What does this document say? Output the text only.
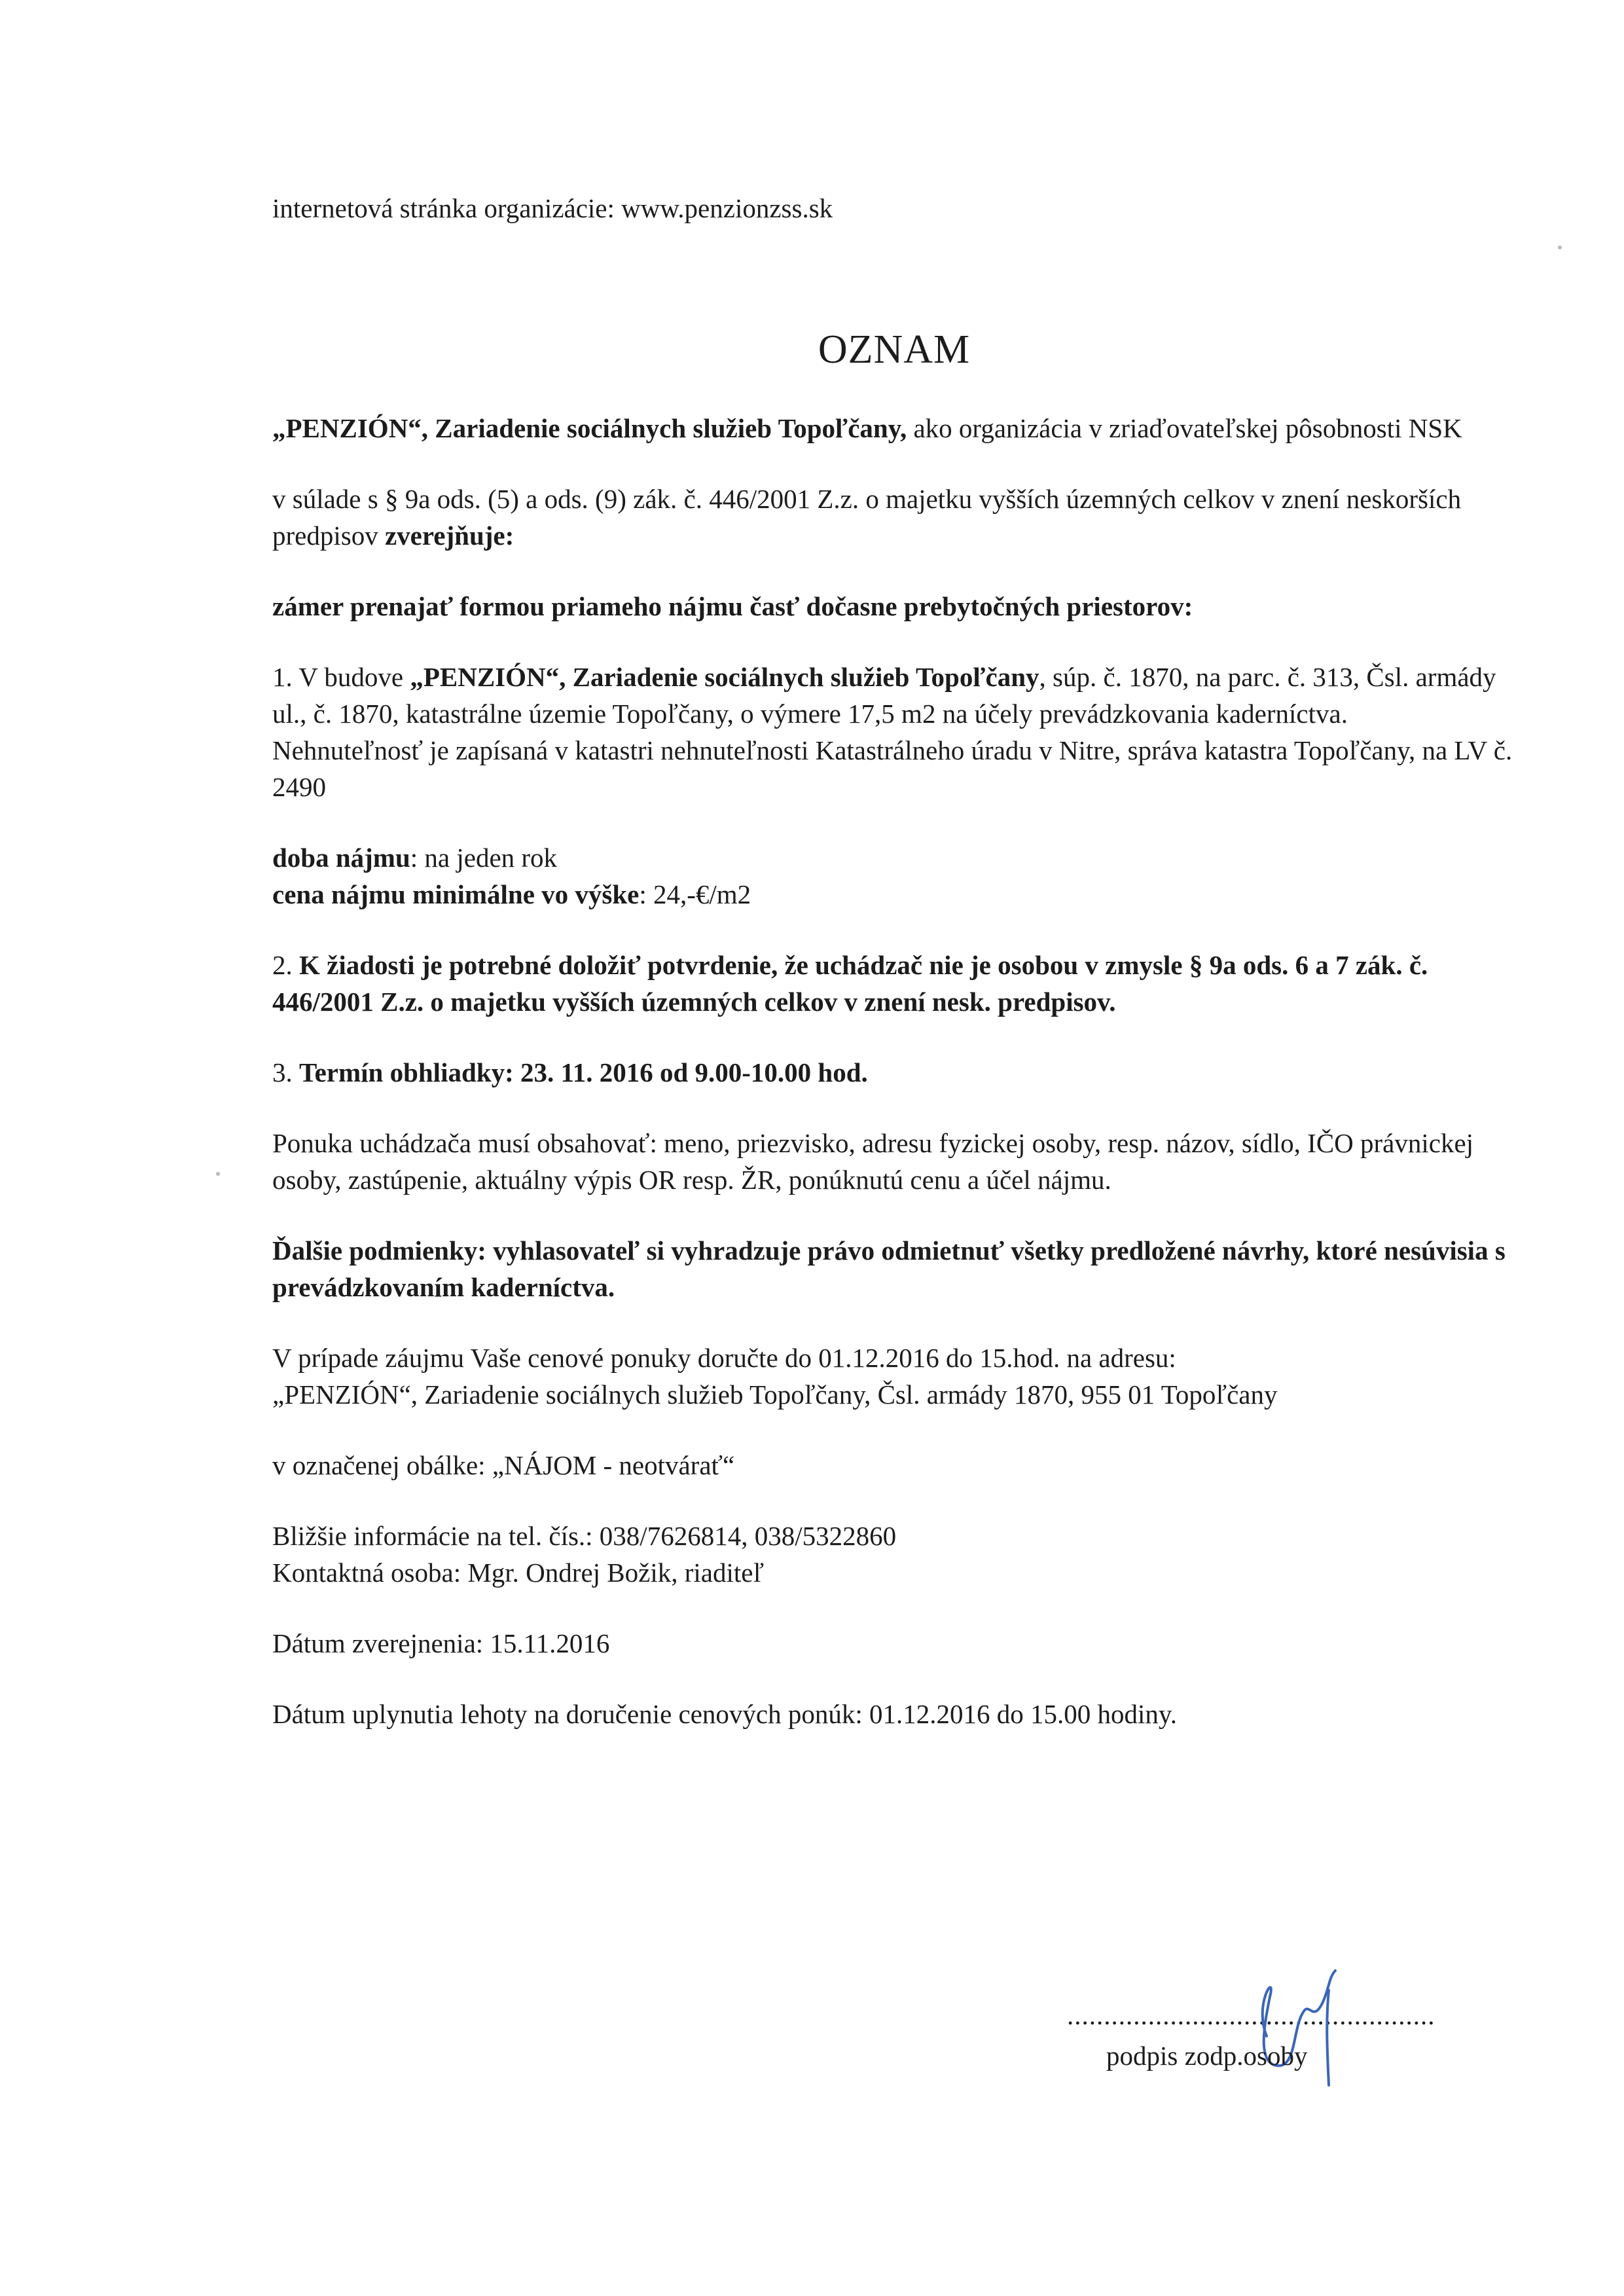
internetová stránka organizácie: www.penzionzss.sk

OZNAM

„PENZIÓN“, Zariadenie sociálnych služieb Topoľčany, ako organizácia v zriaďovateľskej pôsobnosti NSK

v súlade s § 9a ods. (5) a ods. (9) zák. č. 446/2001 Z.z. o majetku vyšších územných celkov v znení neskorších predpisov zverejňuje:

zámer prenajať formou priameho nájmu časť dočasne prebytočných priestorov:

1. V budove „PENZIÓN“, Zariadenie sociálnych služieb Topoľčany, súp. č. 1870, na parc. č. 313, Čsl. armády ul., č. 1870, katastrálne územie Topoľčany, o výmere 17,5 m2 na účely prevádzkovania kaderníctva.

Nehnuteľnosť je zapísaná v katastri nehnuteľnosti Katastrálneho úradu v Nitre, správa katastra Topoľčany, na LV č. 2490

doba nájmu: na jeden rok

cena nájmu minimálne vo výške: 24,-€/m2

2. K žiadosti je potrebné doložiť potvrdenie, že uchádzač nie je osobou v zmysle § 9a ods. 6 a 7 zák. č. 446/2001 Z.z. o majetku vyšších územných celkov v znení nesk. predpisov.

3. Termín obhliadky: 23. 11. 2016 od 9.00-10.00 hod.

Ponuka uchádzača musí obsahovať: meno, priezvisko, adresu fyzickej osoby, resp. názov, sídlo, IČO právnickej osoby, zastúpenie, aktuálny výpis OR resp. ŽR, ponúknutú cenu a účel nájmu.

Ďalšie podmienky: vyhlasovateľ si vyhradzuje právo odmietnuť všetky predložené návrhy, ktoré nesúvisia s prevádzkovaním kaderníctva.

V prípade záujmu Vaše cenové ponuky doručte do 01.12.2016 do 15.hod. na adresu:

„PENZIÓN“, Zariadenie sociálnych služieb Topoľčany, Čsl. armády 1870, 955 01 Topoľčany

v označenej obálke: „NÁJOM - neotvárať“

Bližšie informácie na tel. čís.: 038/7626814, 038/5322860

Kontaktná osoba: Mgr. Ondrej Božik, riaditeľ

Dátum zverejnenia: 15.11.2016

Dátum uplynutia lehoty na doručenie cenových ponúk: 01.12.2016 do 15.00 hodiny.

..................................................
podpis zodp.osoby
